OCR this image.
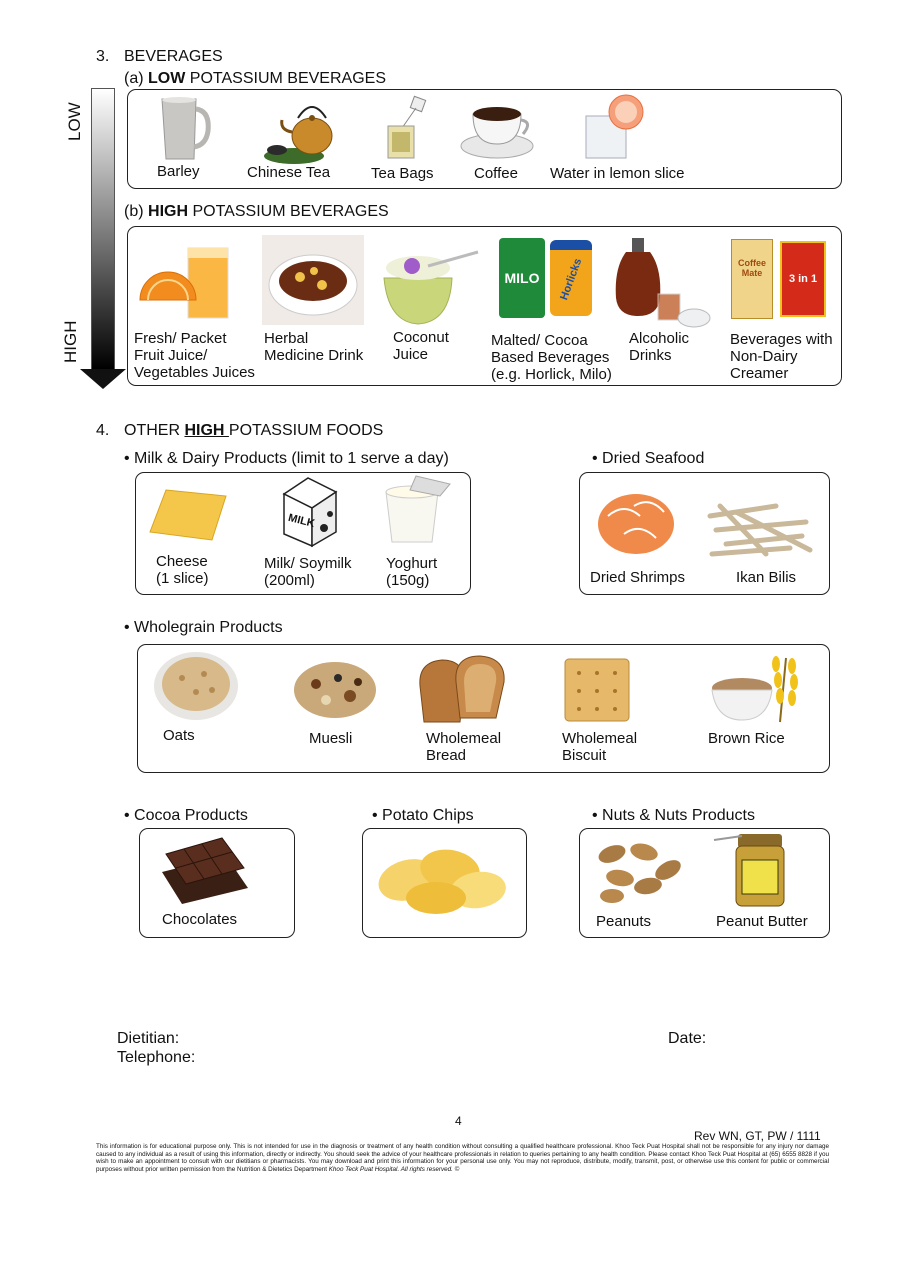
3. BEVERAGES
(a) LOW POTASSIUM BEVERAGES
LOW
HIGH
Barley	Chinese Tea	Tea Bags	Coffee Water in lemon slice
(b) HIGH POTASSIUM BEVERAGES
Fresh/ Packet
Fruit Juice/
Vegetables Juices
Herbal
Medicine Drink
Coconut
Juice
MILO	Horlicks
Malted/ Cocoa
Based Beverages
(e.g. Horlick, Milo)
Alcoholic
Drinks
Coffee Mate	3 in 1
Beverages with
Non-Dairy
Creamer
4. OTHER HIGH POTASSIUM FOODS
• Milk & Dairy Products (limit to 1 serve a day)
Cheese
(1 slice)
MILK
Milk/ Soymilk
(200ml)
Yoghurt
(150g)
• Dried Seafood
Dried Shrimps	Ikan Bilis
• Wholegrain Products
Oats	Muesli	Wholemeal
Bread
Wholemeal
Biscuit
Brown Rice
• Cocoa Products
Chocolates
• Potato Chips	• Nuts & Nuts Products
Peanuts	Peanut Butter
Dietitian:	Date:
Telephone:
4
Rev WN, GT, PW / 1111
This information is for educational purpose only. This is not intended for use in the diagnosis or treatment of any health condition without consulting a qualified healthcare professional. Khoo Teck Puat Hospital shall not be responsible for any injury nor damage caused to any individual as a result of using this information, directly or indirectly. You should seek the advice of your healthcare professionals in relation to queries pertaining to any health condition. Please contact Khoo Teck Puat Hospital at (65) 6555 8828 if you wish to make an appointment to consult with our dietitians or pharmacists. You may download and print this information for your personal use only. You may not reproduce, distribute, modify, transmit, post, or otherwise use this content for public or commercial purposes without prior written permission from the Nutrition & Dietetics Department Khoo Teck Puat Hospital. All rights reserved. ©
